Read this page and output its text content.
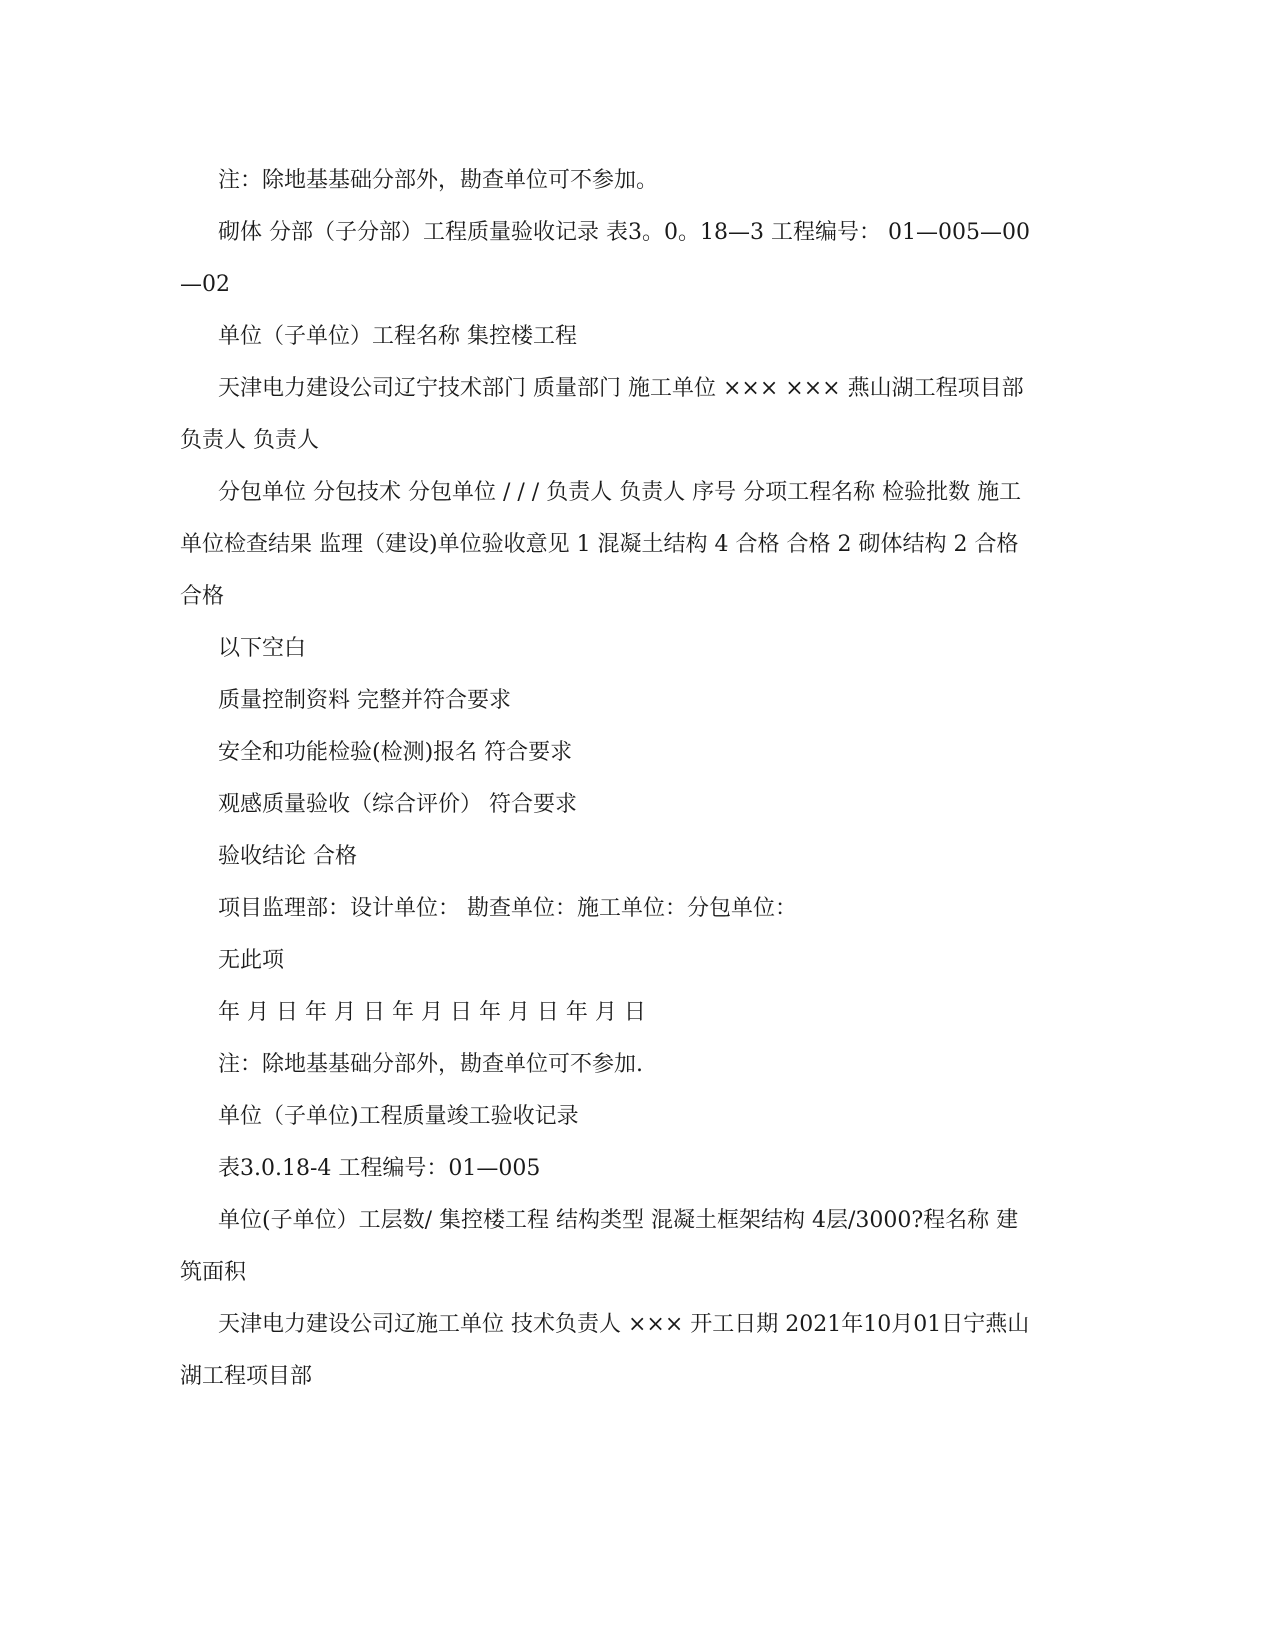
注：除地基基础分部外，勘查单位可不参加。

砌体 分部（子分部）工程质量验收记录 表3。0。18—3 工程编号： 01—005—00—02

单位（子单位）工程名称 集控楼工程

天津电力建设公司辽宁技术部门 质量部门 施工单位 ××× ××× 燕山湖工程项目部 负责人 负责人

分包单位 分包技术 分包单位 / / / 负责人 负责人 序号 分项工程名称 检验批数 施工单位检查结果 监理（建设)单位验收意见 1 混凝土结构 4 合格 合格 2 砌体结构 2 合格 合格

以下空白

质量控制资料 完整并符合要求

安全和功能检验(检测)报名 符合要求

观感质量验收（综合评价） 符合要求

验收结论 合格

项目监理部：设计单位： 勘查单位：施工单位：分包单位：

无此项

年 月 日 年 月 日 年 月 日 年 月 日 年 月 日

注：除地基基础分部外，勘查单位可不参加.

单位（子单位)工程质量竣工验收记录

表3.0.18-4 工程编号：01—005

单位(子单位）工层数/ 集控楼工程 结构类型 混凝土框架结构 4层/3000?程名称 建筑面积

天津电力建设公司辽施工单位 技术负责人 ××× 开工日期 2021年10月01日宁燕山湖工程项目部
